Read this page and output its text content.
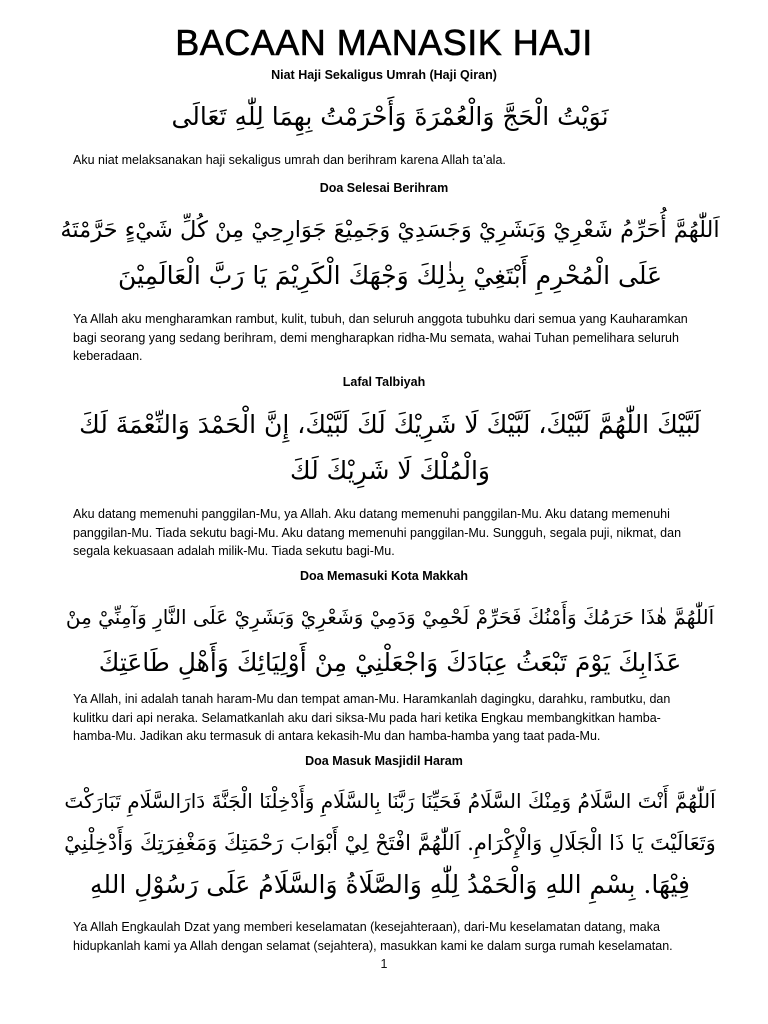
BACAAN MANASIK HAJI
Niat Haji Sekaligus Umrah (Haji Qiran)
نَوَيْتُ الْحَجَّ وَالْعُمْرَةَ وَأَحْرَمْتُ بِهِمَا لِلّٰهِ تَعَالَى
Aku niat melaksanakan haji sekaligus umrah dan berihram karena Allah ta’ala.
Doa Selesai Berihram
اَللّٰهُمَّ أُحَرِّمُ شَعْرِيْ وَبَشَرِيْ وَجَسَدِيْ وَجَمِيْعَ جَوَارِحِيْ مِنْ كُلِّ شَيْءٍ حَرَّمْتَهُ
عَلَى الْمُحْرِمِ أَبْتَغِيْ بِذٰلِكَ وَجْهَكَ الْكَرِيْمَ يَا رَبَّ الْعَالَمِيْنَ
Ya Allah aku mengharamkan rambut, kulit, tubuh, dan seluruh anggota tubuhku dari semua yang Kauharamkan bagi seorang yang sedang berihram, demi mengharapkan ridha-Mu semata, wahai Tuhan pemelihara seluruh keberadaan.
Lafal Talbiyah
لَبَّيْكَ اللّٰهُمَّ لَبَّيْكَ، لَبَّيْكَ لَا شَرِيْكَ لَكَ لَبَّيْكَ، إِنَّ الْحَمْدَ وَالنِّعْمَةَ لَكَ
وَالْمُلْكَ لَا شَرِيْكَ لَكَ
Aku datang memenuhi panggilan-Mu, ya Allah. Aku datang memenuhi panggilan-Mu. Aku datang memenuhi panggilan-Mu. Tiada sekutu bagi-Mu. Aku datang memenuhi panggilan-Mu. Sungguh, segala puji, nikmat, dan segala kekuasaan adalah milik-Mu. Tiada sekutu bagi-Mu.
Doa Memasuki Kota Makkah
اَللّٰهُمَّ هٰذَا حَرَمُكَ وَأَمْنُكَ فَحَرِّمْ لَحْمِيْ وَدَمِيْ وَشَعْرِيْ وَبَشَرِيْ عَلَى النَّارِ وَآمِنِّيْ مِنْ
عَذَابِكَ يَوْمَ تَبْعَثُ عِبَادَكَ وَاجْعَلْنِيْ مِنْ أَوْلِيَائِكَ وَأَهْلِ طَاعَتِكَ
Ya Allah, ini adalah tanah haram-Mu dan tempat aman-Mu. Haramkanlah dagingku, darahku, rambutku, dan kulitku dari api neraka. Selamatkanlah aku dari siksa-Mu pada hari ketika Engkau membangkitkan hamba-hamba-Mu. Jadikan aku termasuk di antara kekasih-Mu dan hamba-hamba yang taat pada-Mu.
Doa Masuk Masjidil Haram
اَللّٰهُمَّ أَنْتَ السَّلَامُ وَمِنْكَ السَّلَامُ فَحَيِّنَا رَبَّنَا بِالسَّلَامِ وَأَدْخِلْنَا الْجَنَّةَ دَارَالسَّلَامِ تَبَارَكْتَ
وَتَعَالَيْتَ يَا ذَا الْجَلَالِ وَالْإِكْرَامِ. اَللّٰهُمَّ افْتَحْ لِيْ أَبْوَابَ رَحْمَتِكَ وَمَغْفِرَتِكَ وَأَدْخِلْنِيْ
فِيْهَا. بِسْمِ اللهِ وَالْحَمْدُ لِلّٰهِ وَالصَّلَاةُ وَالسَّلَامُ عَلَى رَسُوْلِ اللهِ
Ya Allah Engkaulah Dzat yang memberi keselamatan (kesejahteraan), dari-Mu keselamatan datang, maka hidupkanlah kami ya Allah dengan selamat (sejahtera), masukkan kami ke dalam surga rumah keselamatan.
1
